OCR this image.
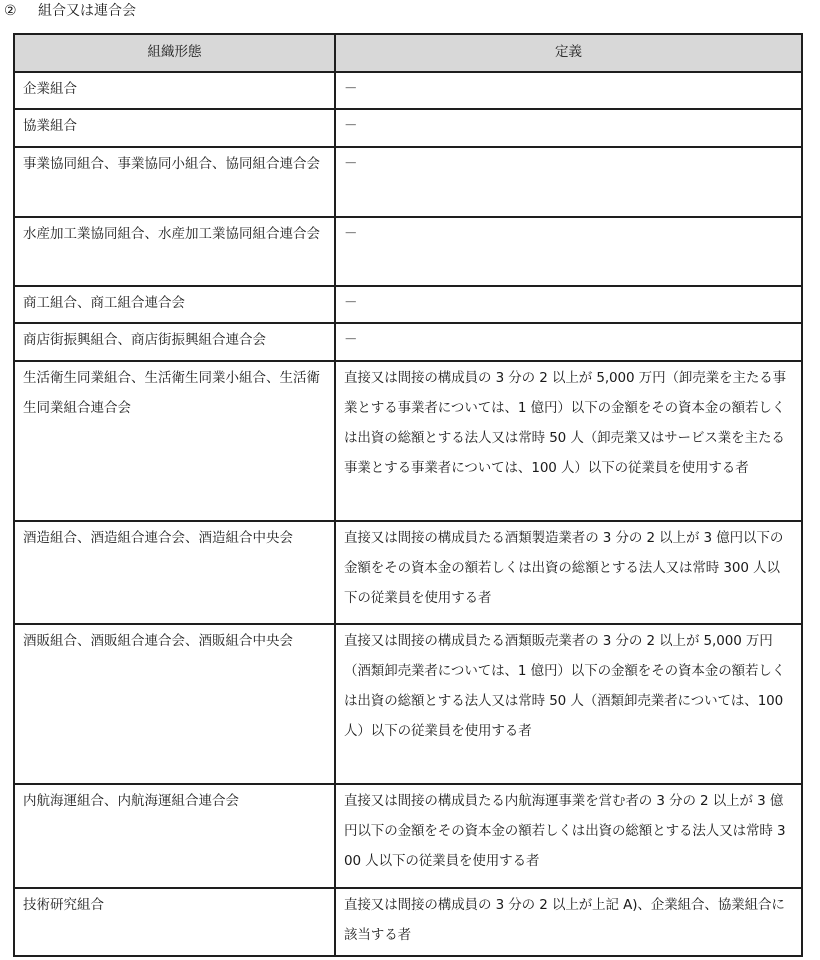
② 組合又は連合会
組織形態	定義
企業組合	－
協業組合	－
事業協同組合、事業協同小組合、協同組合連合会	－
水産加工業協同組合、水産加工業協同組合連合会	－
商工組合、商工組合連合会	－
商店街振興組合、商店街振興組合連合会	－
生活衛生同業組合、生活衛生同業小組合、生活衛生同業組合連合会	直接又は間接の構成員の 3 分の 2 以上が 5,000 万円（卸売業を主たる事業とする事業者については、1 億円）以下の金額をその資本金の額若しくは出資の総額とする法人又は常時 50 人（卸売業又はサービス業を主たる事業とする事業者については、100 人）以下の従業員を使用する者
酒造組合、酒造組合連合会、酒造組合中央会	直接又は間接の構成員たる酒類製造業者の 3 分の 2 以上が 3 億円以下の金額をその資本金の額若しくは出資の総額とする法人又は常時 300 人以下の従業員を使用する者
酒販組合、酒販組合連合会、酒販組合中央会	直接又は間接の構成員たる酒類販売業者の 3 分の 2 以上が 5,000 万円（酒類卸売業者については、1 億円）以下の金額をその資本金の額若しくは出資の総額とする法人又は常時 50 人（酒類卸売業者については、100 人）以下の従業員を使用する者
内航海運組合、内航海運組合連合会	直接又は間接の構成員たる内航海運事業を営む者の 3 分の 2 以上が 3 億円以下の金額をその資本金の額若しくは出資の総額とする法人又は常時 300 人以下の従業員を使用する者
技術研究組合	直接又は間接の構成員の 3 分の 2 以上が上記 A)、企業組合、協業組合に該当する者
